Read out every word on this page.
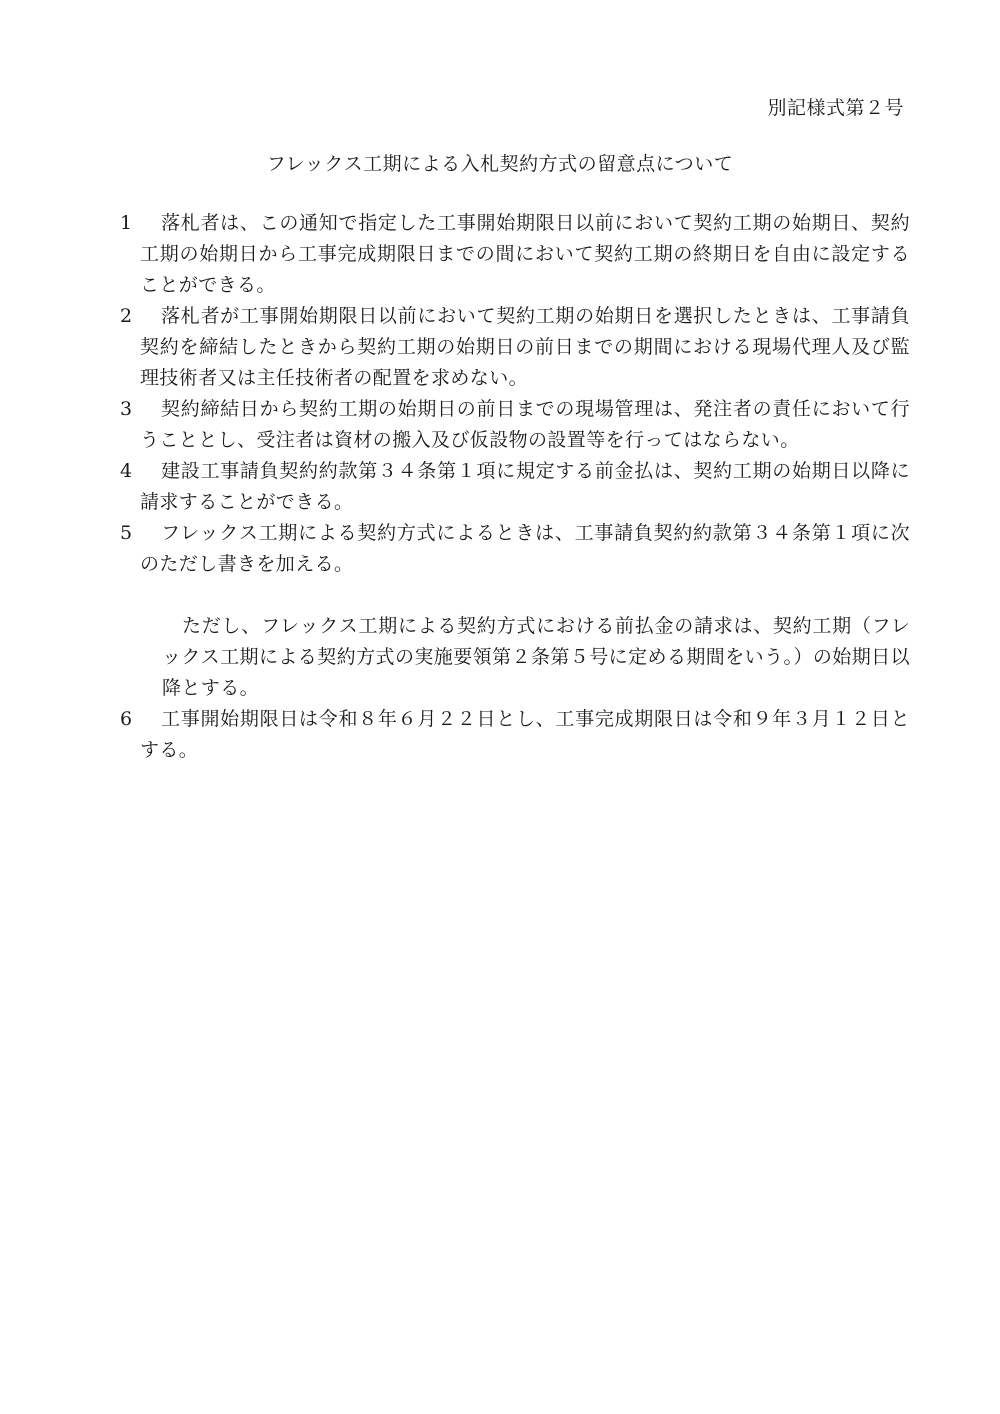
別記様式第２号
フレックス工期による入札契約方式の留意点について
1	落札者は、この通知で指定した工事開始期限日以前において契約工期の始期日、契約工期の始期日から工事完成期限日までの間において契約工期の終期日を自由に設定することができる。
2	落札者が工事開始期限日以前において契約工期の始期日を選択したときは、工事請負契約を締結したときから契約工期の始期日の前日までの期間における現場代理人及び監理技術者又は主任技術者の配置を求めない。
3	契約締結日から契約工期の始期日の前日までの現場管理は、発注者の責任において行うこととし、受注者は資材の搬入及び仮設物の設置等を行ってはならない。
4	建設工事請負契約約款第３４条第１項に規定する前金払は、契約工期の始期日以降に請求することができる。
5	フレックス工期による契約方式によるときは、工事請負契約約款第３４条第１項に次のただし書きを加える。
ただし、フレックス工期による契約方式における前払金の請求は、契約工期（フレックス工期による契約方式の実施要領第２条第５号に定める期間をいう。）の始期日以降とする。
6	工事開始期限日は令和８年６月２２日とし、工事完成期限日は令和９年３月１２日とする。
